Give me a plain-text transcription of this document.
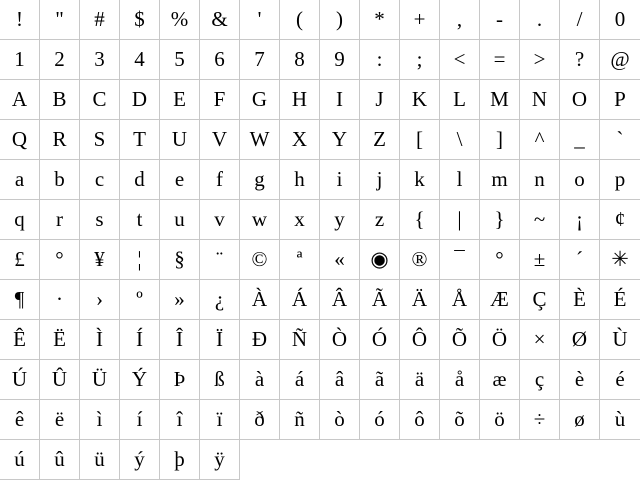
!	"	#	$	%	&	'	(	)	*	+	,	-	.	/	0
1	2	3	4	5	6	7	8	9	:	;	<	=	>	?	@
A	B	C	D	E	F	G	H	I	J	K	L	M	N	O	P
Q	R	S	T	U	V	W	X	Y	Z	[	\	]	^	_	`
a	b	c	d	e	f	g	h	i	j	k	l	m	n	o	p
q	r	s	t	u	v	w	x	y	z	{	|	}	~	¡	¢
£	°	¥	¦	§	¨	©	ª	«	◉	®	¯	°	±	´	✳
¶	·	›	º	»	¿	À	Á	Â	Ã	Ä	Å	Æ	Ç	È	É
Ê	Ë	Ì	Í	Î	Ï	Ð	Ñ	Ò	Ó	Ô	Õ	Ö	×	Ø	Ù
Ú	Û	Ü	Ý	Þ	ß	à	á	â	ã	ä	å	æ	ç	è	é
ê	ë	ì	í	î	ï	ð	ñ	ò	ó	ô	õ	ö	÷	ø	ù
ú	û	ü	ý	þ	ÿ
